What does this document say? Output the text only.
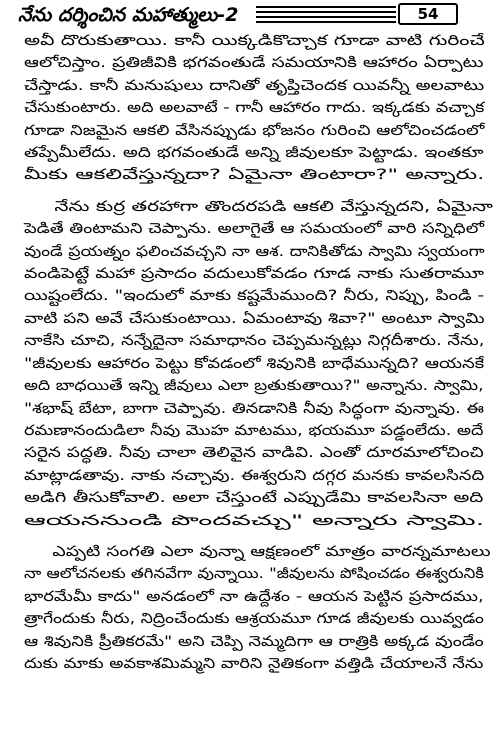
నేను దర్శించిన మహాత్ములు-2	54
అవీ దొరుకుతాయి. కానీ యిక్కడికొచ్చాక గూడా వాటి గురించే
ఆలోచిస్తాం. ప్రతిజీవికి భగవంతుడే సమయానికి ఆహారం ఏర్పాటు
చేస్తాడు. కానీ మనుషులు దానితో తృప్తిచెందక యివన్నీ అలవాటు
చేసుకుంటారు. అది అలవాటే - గానీ ఆహారం గాదు. ఇక్కడకు వచ్చాక
గూడా నిజమైన ఆకలి వేసినప్పుడు భోజనం గురించి ఆలోచించడంలో
తప్పేమీలేదు. అది భగవంతుడే అన్ని జీవులకూ పెట్టాడు. ఇంతకూ
మీకు ఆకలివేస్తున్నదా? ఏమైనా తింటారా?" అన్నారు.
నేను కుర్ర తరహాగా తొందరపడి ఆకలి వేస్తున్నదని, ఏమైనా
పెడితే తింటామని చెప్పాను. అలాగైతే ఆ సమయంలో వారి సన్నిధిలో
వుండే ప్రయత్నం ఫలించవచ్చని నా ఆశ. దానికితోడు స్వామి స్వయంగా
వండిపెట్టే మహా ప్రసాదం వదులుకోవడం గూడ నాకు సుతరామూ
యిష్టంలేదు. "ఇందులో మాకు కష్టమేముంది? నీరు, నిప్పు, పిండి -
వాటి పని అవే చేసుకుంటాయి. ఏమంటావు శివా?" అంటూ స్వామి
నాకేసి చూచి, నన్నేదైనా సమాధానం చెప్పమన్నట్లు నిగ్గదీశారు. నేను,
"జీవులకు ఆహారం పెట్టు కోవడంలో శివునికి బాధేమున్నది? ఆయనకే
అది బాధయితే ఇన్ని జీవులు ఎలా బ్రతుకుతాయి?" అన్నాను. స్వామి,
"శభాష్ బేటా, బాగా చెప్పావు. తినడానికి నీవు సిద్ధంగా వున్నావు. ఈ
రమణానందుడిలా నీవు మొహ మాటము, భయమూ పడ్డంలేదు. అదే
సరైన పద్ధతి. నీవు చాలా తెలివైన వాడివి. ఎంతో దూరమాలోచించి
మాట్లాడతావు. నాకు నచ్చావు. ఈశ్వరుని దగ్గర మనకు కావలసినది
అడిగి తీసుకోవాలి. అలా చేస్తుంటే ఎప్పుడేమి కావలసినా అది
ఆయననుండి పొందవచ్చు" అన్నారు స్వామి.
ఎప్పటి సంగతి ఎలా వున్నా ఆక్షణంలో మాత్రం వారన్నమాటలు
నా ఆలోచనలకు తగినవేగా వున్నాయి. "జీవులను పోషించడం ఈశ్వరునికి
భారమేమీ కాదు" అనడంలో నా ఉద్దేశం - ఆయన పెట్టిన ప్రసాదము,
త్రాగేందుకు నీరు, నిద్రించేందుకు ఆశ్రయమూ గూడ జీవులకు యివ్వడం
ఆ శివునికి ప్రీతికరమే" అని చెప్పి నెమ్మదిగా ఆ రాత్రికి అక్కడ వుండేం
దుకు మాకు అవకాశమిమ్మని వారిని నైతికంగా వత్తిడి చేయాలనే నేను
